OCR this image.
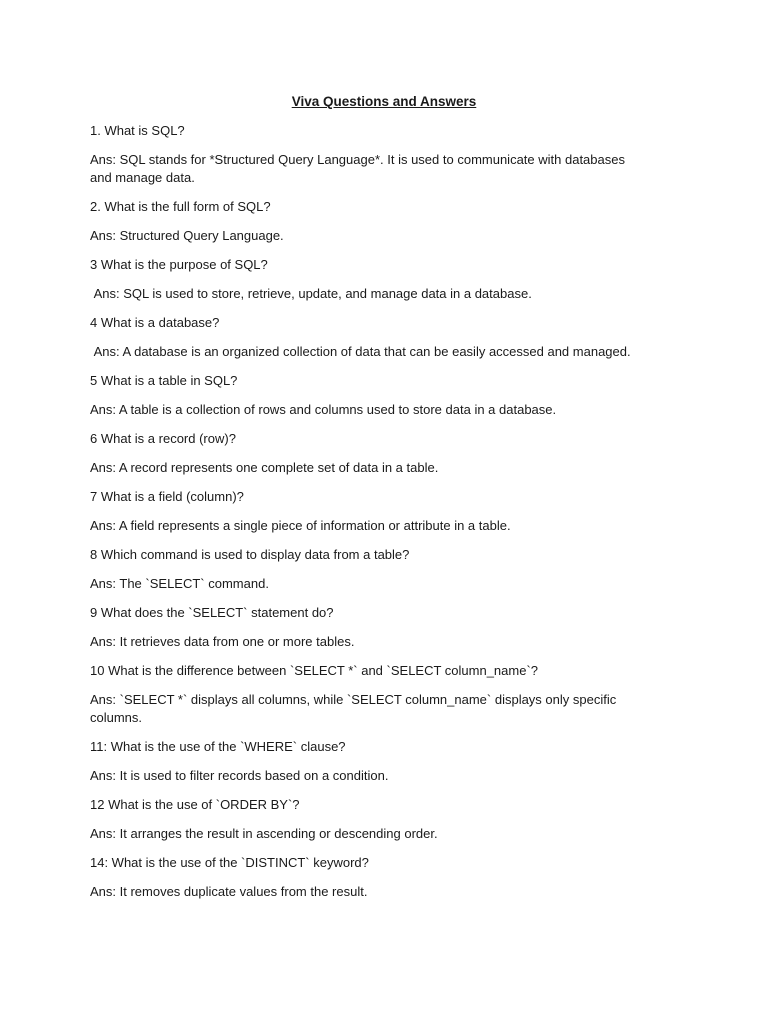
Viva Questions and Answers
1. What is SQL?
Ans: SQL stands for *Structured Query Language*. It is used to communicate with databases and manage data.
2. What is the full form of SQL?
Ans: Structured Query Language.
3 What is the purpose of SQL?
Ans: SQL is used to store, retrieve, update, and manage data in a database.
4 What is a database?
Ans: A database is an organized collection of data that can be easily accessed and managed.
5 What is a table in SQL?
Ans: A table is a collection of rows and columns used to store data in a database.
6 What is a record (row)?
Ans: A record represents one complete set of data in a table.
7 What is a field (column)?
Ans: A field represents a single piece of information or attribute in a table.
8 Which command is used to display data from a table?
Ans: The `SELECT` command.
9 What does the `SELECT` statement do?
Ans: It retrieves data from one or more tables.
10 What is the difference between `SELECT *` and `SELECT column_name`?
Ans: `SELECT *` displays all columns, while `SELECT column_name` displays only specific columns.
11: What is the use of the `WHERE` clause?
Ans: It is used to filter records based on a condition.
12 What is the use of `ORDER BY`?
Ans: It arranges the result in ascending or descending order.
14: What is the use of the `DISTINCT` keyword?
Ans: It removes duplicate values from the result.
